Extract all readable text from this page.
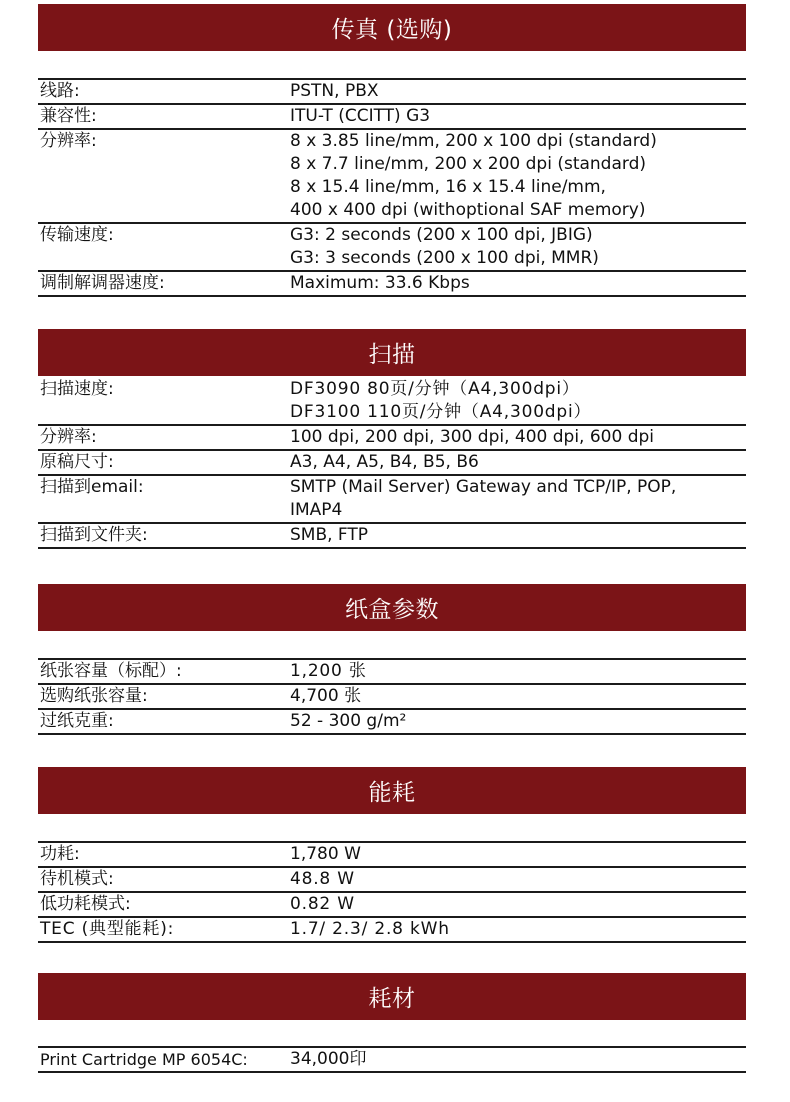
传真 (选购)
线路:	PSTN, PBX
兼容性:	ITU-T (CCITT) G3
分辨率:	8 x 3.85 line/mm, 200 x 100 dpi (standard)
8 x 7.7 line/mm, 200 x 200 dpi (standard)
8 x 15.4 line/mm, 16 x 15.4 line/mm,
400 x 400 dpi (withoptional SAF memory)
传输速度:	G3: 2 seconds (200 x 100 dpi, JBIG)
G3: 3 seconds (200 x 100 dpi, MMR)
调制解调器速度:	Maximum: 33.6 Kbps
扫描
扫描速度:	DF3090 80页/分钟（A4,300dpi）
DF3100 110页/分钟（A4,300dpi）
分辨率:	100 dpi, 200 dpi, 300 dpi, 400 dpi, 600 dpi
原稿尺寸:	A3, A4, A5, B4, B5, B6
扫描到email:	SMTP (Mail Server) Gateway and TCP/IP, POP,
IMAP4
扫描到文件夹:	SMB, FTP
纸盒参数
纸张容量（标配）:	1,200 张
选购纸张容量:	4,700 张
过纸克重:	52 - 300 g/m²
能耗
功耗:	1,780 W
待机模式:	48.8 W
低功耗模式:	0.82 W
TEC (典型能耗):	1.7/ 2.3/ 2.8 kWh
耗材
Print Cartridge MP 6054C:	34,000印
